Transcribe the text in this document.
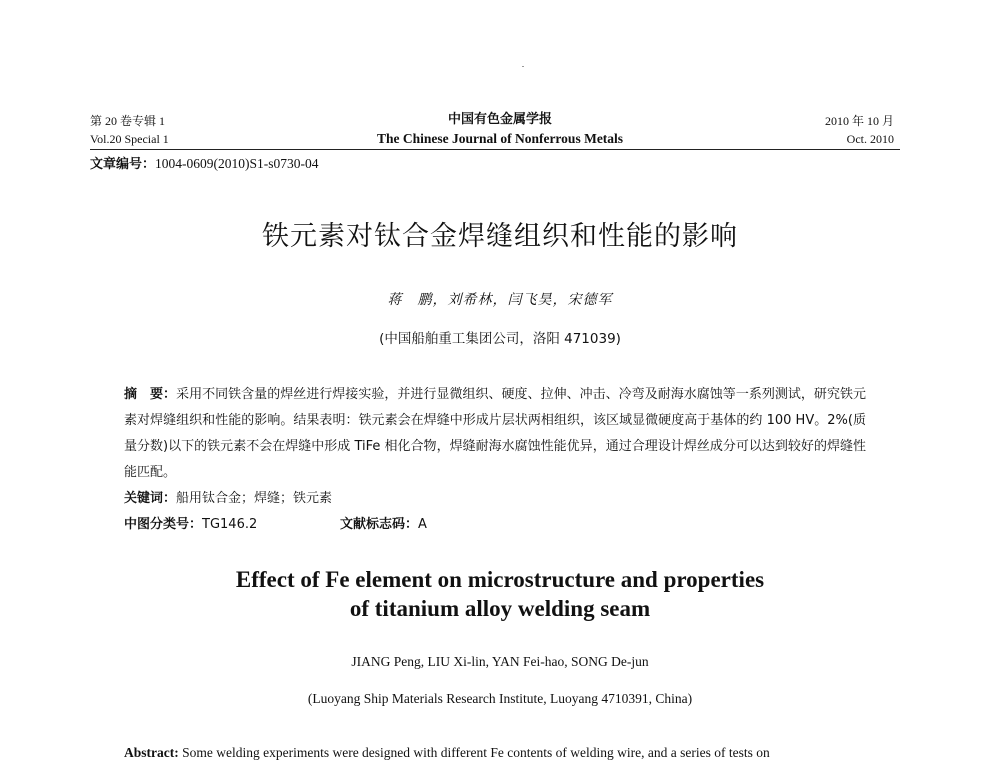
第 20 卷专辑 1
Vol.20 Special 1
中国有色金属学报
The Chinese Journal of Nonferrous Metals
2010 年 10 月
Oct. 2010
文章编号：1004-0609(2010)S1-s0730-04
铁元素对钛合金焊缝组织和性能的影响
蒋　鹏，刘希林，闫飞昊，宋德军
(中国船舶重工集团公司，洛阳 471039)
摘　要：采用不同铁含量的焊丝进行焊接实验，并进行显微组织、硬度、拉伸、冲击、冷弯及耐海水腐蚀等一系列测试，研究铁元素对焊缝组织和性能的影响。结果表明：铁元素会在焊缝中形成片层状两相组织，该区域显微硬度高于基体的约 100 HV。2%(质量分数)以下的铁元素不会在焊缝中形成 TiFe 相化合物，焊缝耐海水腐蚀性能优异，通过合理设计焊丝成分可以达到较好的焊缝性能匹配。
关键词：船用钛合金；焊缝；铁元素
中图分类号：TG146.2	文献标志码：A
Effect of Fe element on microstructure and properties
of titanium alloy welding seam
JIANG Peng, LIU Xi-lin, YAN Fei-hao, SONG De-jun
(Luoyang Ship Materials Research Institute, Luoyang 4710391, China)
Abstract: Some welding experiments were designed with different Fe contents of welding wire, and a series of tests on
